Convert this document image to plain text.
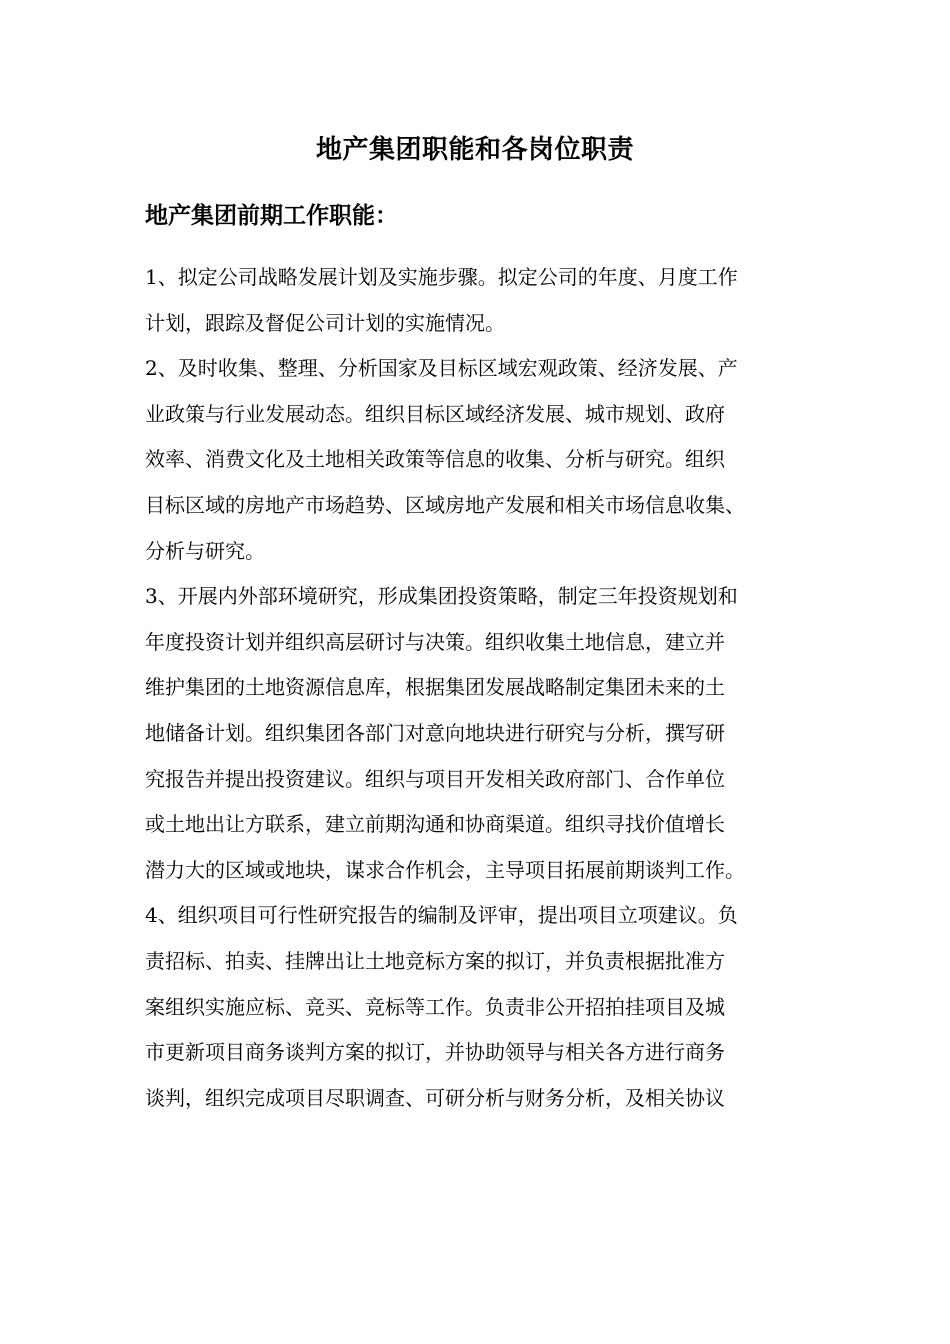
地产集团职能和各岗位职责
地产集团前期工作职能：
1、拟定公司战略发展计划及实施步骤。拟定公司的年度、月度工作
计划，跟踪及督促公司计划的实施情况。
2、及时收集、整理、分析国家及目标区域宏观政策、经济发展、产
业政策与行业发展动态。组织目标区域经济发展、城市规划、政府
效率、消费文化及土地相关政策等信息的收集、分析与研究。组织
目标区域的房地产市场趋势、区域房地产发展和相关市场信息收集、
分析与研究。
3、开展内外部环境研究，形成集团投资策略，制定三年投资规划和
年度投资计划并组织高层研讨与决策。组织收集土地信息，建立并
维护集团的土地资源信息库，根据集团发展战略制定集团未来的土
地储备计划。组织集团各部门对意向地块进行研究与分析，撰写研
究报告并提出投资建议。组织与项目开发相关政府部门、合作单位
或土地出让方联系，建立前期沟通和协商渠道。组织寻找价值增长
潜力大的区域或地块，谋求合作机会，主导项目拓展前期谈判工作。
4、组织项目可行性研究报告的编制及评审，提出项目立项建议。负
责招标、拍卖、挂牌出让土地竞标方案的拟订，并负责根据批准方
案组织实施应标、竞买、竞标等工作。负责非公开招拍挂项目及城
市更新项目商务谈判方案的拟订，并协助领导与相关各方进行商务
谈判，组织完成项目尽职调查、可研分析与财务分析，及相关协议
